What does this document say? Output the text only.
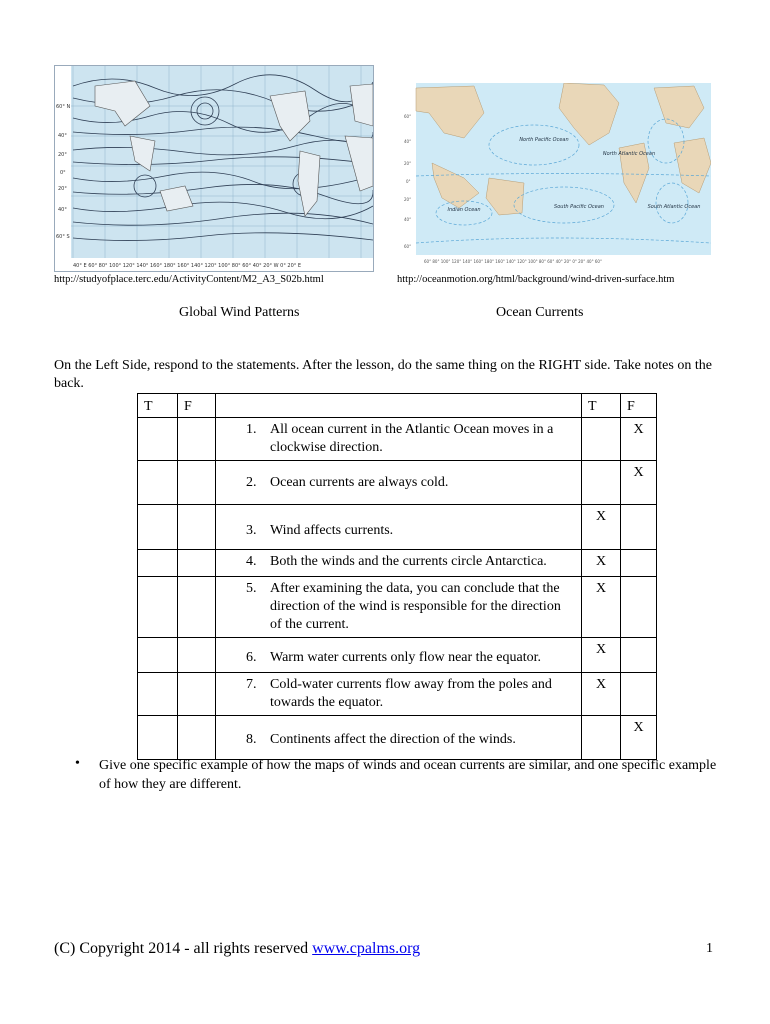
60° N
40°
20°
0°
20°
40°
60° S
40° E 60° 80° 100° 120° 140° 160° 180° 160° 140° 120° 100° 80° 60° 40° 20° W 0° 20° E
North Pacific Ocean
North Atlantic Ocean
South Pacific Ocean	South Atlantic Ocean
Indian Ocean
60°
40°
20°
0°
20°
40°
60°
60° 80° 100° 120° 140° 160° 180° 160° 140° 120° 100° 80° 60° 40° 20° 0° 20° 40° 60°
http://studyofplace.terc.edu/ActivityContent/M2_A3_S02b.html	http://oceanmotion.org/html/background/wind-driven-surface.htm
Global Wind Patterns	Ocean Currents
On the Left Side, respond to the statements. After the lesson, do the same thing on the RIGHT side. Take notes on the back.
T	F		T	F

		1. All ocean current in the Atlantic Ocean moves in a clockwise direction.		X

		2. Ocean currents are always cold.		X

		3. Wind affects currents.	X	

		4. Both the winds and the currents circle Antarctica.	X	

		5. After examining the data, you can conclude that the direction of the wind is responsible for the direction of the current.	X	

		6. Warm water currents only flow near the equator.	X	

		7. Cold-water currents flow away from the poles and towards the equator.	X	

		8. Continents affect the direction of the winds.		X
• Give one specific example of how the maps of winds and ocean currents are similar, and one specific example of how they are different.
(C) Copyright 2014 - all rights reserved www.cpalms.org	1
